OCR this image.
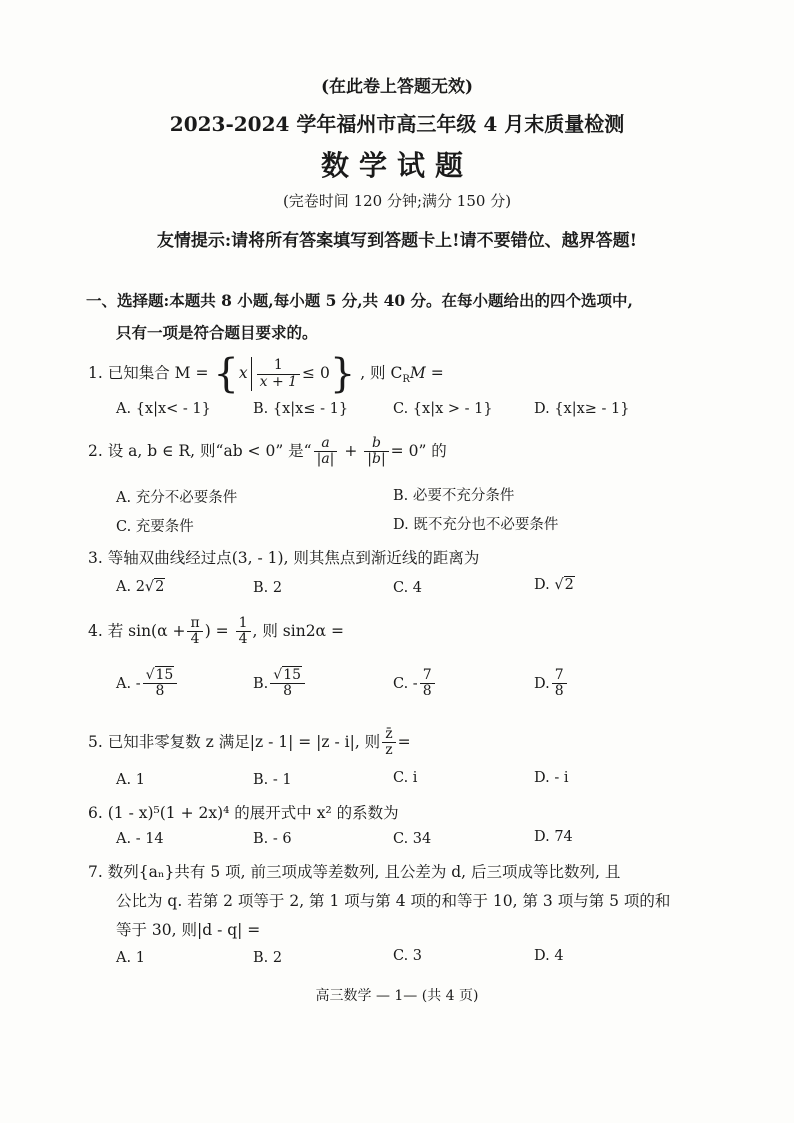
(在此卷上答题无效)
2023-2024 学年福州市高三年级 4 月末质量检测
数学试题
(完卷时间 120 分钟;满分 150 分)
友情提示:请将所有答案填写到答题卡上!请不要错位、越界答题!
一、选择题:本题共 8 小题,每小题 5 分,共 40 分。在每小题给出的四个选项中,
只有一项是符合题目要求的。
1. 已知集合 $M = \{x \frac{1}{x + 1} \le 0\}$ , 则 $C_RM$ =
A. {x|x< - 1}	B. {x|x≤ - 1}	C. {x|x > - 1}	D. {x|x≥ - 1}
2. 设 a, b ∈ R, 则“ab < 0” 是“ $\frac{a}{|a|} + \frac{b}{|b|} = 0$” 的
A. 充分不必要条件	B. 必要不充分条件
C. 充要条件	D. 既不充分也不必要条件
3. 等轴双曲线经过点(3, - 1), 则其焦点到渐近线的距离为
A. 2√2	B. 2	C. 4	D. √2
4. 若 $\sin(\alpha + \frac{\pi}{4}$ ) = $\frac{1}{4}$ , 则 sin2α =
A. - $\frac{√15}{8}$	B. $\frac{√15}{8}$	C. - $\frac{7}{8}$	D. $\frac{7}{8}$
5. 已知非零复数 z 满足|z - 1| = |z - i|, 则 $\frac{z̄}{z}$ =
A. 1	B. - 1	C. i	D. - i
6. (1 - x)⁵(1 + 2x)⁴ 的展开式中 x² 的系数为
A. - 14	B. - 6	C. 34	D. 74
7. 数列{aₙ}共有 5 项, 前三项成等差数列, 且公差为 d, 后三项成等比数列, 且
公比为 q. 若第 2 项等于 2, 第 1 项与第 4 项的和等于 10, 第 3 项与第 5 项的和
等于 30, 则|d - q| =
A. 1	B. 2	C. 3	D. 4
高三数学 — 1— (共 4 页)
